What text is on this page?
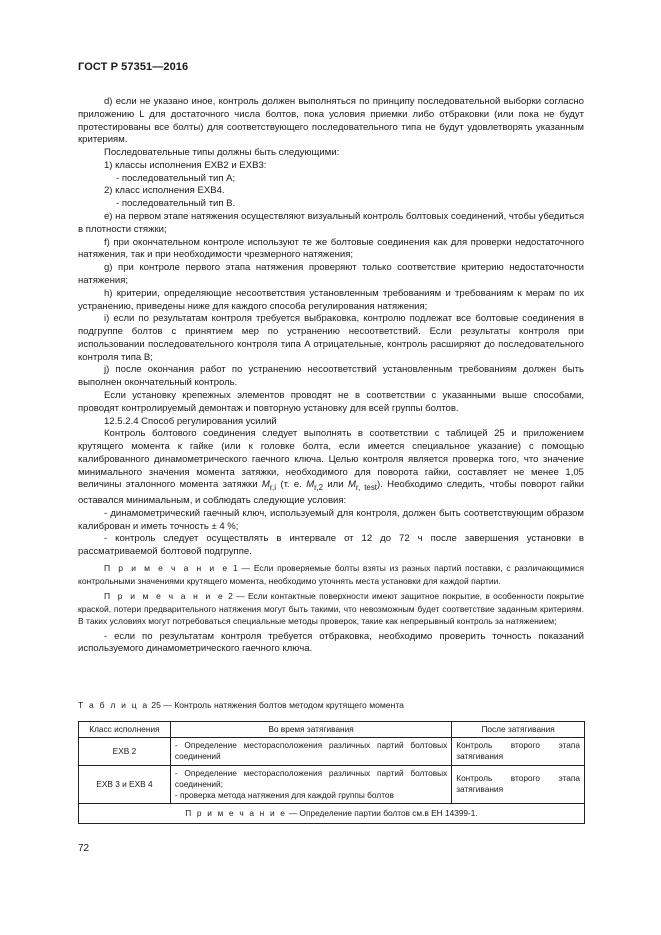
ГОСТ Р 57351—2016

d) если не указано иное, контроль должен выполняться по принципу последовательной выборки согласно приложению L для достаточного числа болтов, пока условия приемки либо отбраковки (или пока не будут протестированы все болты) для соответствующего последовательного типа не будут удовлетворять указанным критериям.

Последовательные типы должны быть следующими:

1) классы исполнения EXB2 и EXB3:

- последовательный тип A;

2) класс исполнения EXB4.

- последовательный тип B.

e) на первом этапе натяжения осуществляют визуальный контроль болтовых соединений, чтобы убедиться в плотности стяжки;

f) при окончательном контроле используют те же болтовые соединения как для проверки недостаточного натяжения, так и при необходимости чрезмерного натяжения;

g) при контроле первого этапа натяжения проверяют только соответствие критерию недостаточности натяжения;

h) критерии, определяющие несоответствия установленным требованиям и требованиям к мерам по их устранению, приведены ниже для каждого способа регулирования натяжения;

i) если по результатам контроля требуется выбраковка, контролю подлежат все болтовые соединения в подгруппе болтов с принятием мер по устранению несоответствий. Если результаты контроля при использовании последовательного контроля типа A отрицательные, контроль расширяют до последовательного контроля типа B;

j) после окончания работ по устранению несоответствий установленным требованиям должен быть выполнен окончательный контроль.

Если установку крепежных элементов проводят не в соответствии с указанными выше способами, проводят контролируемый демонтаж и повторную установку для всей группы болтов.

12.5.2.4 Способ регулирования усилий

Контроль болтового соединения следует выполнять в соответствии с таблицей 25 и приложением крутящего момента к гайке (или к головке болта, если имеется специальное указание) с помощью калиброванного динамометрического гаечного ключа. Целью контроля является проверка того, что значение минимального значения момента затяжки, необходимого для поворота гайки, составляет не менее 1,05 величины эталонного момента затяжки $M_{r,i}$ (т. е. $M_{r,2}$ или $M_{r, test}$). Необходимо следить, чтобы поворот гайки оставался минимальным, и соблюдать следующие условия:

- динамометрический гаечный ключ, используемый для контроля, должен быть соответствующим образом калиброван и иметь точность ± 4 %;

- контроль следует осуществлять в интервале от 12 до 72 ч после завершения установки в рассматриваемой болтовой подгруппе.

П р и м е ч а н и е 1 — Если проверяемые болты взяты из разных партий поставки, с различающимися контрольными значениями крутящего момента, необходимо уточнять места установки для каждой партии.

П р и м е ч а н и е 2 — Если контактные поверхности имеют защитное покрытие, в особенности покрытие краской, потери предварительного натяжения могут быть такими, что невозможным будет соответствие заданным критериям. В таких условиях могут потребоваться специальные методы проверок, такие как непрерывный контроль за натяжением;

- если по результатам контроля требуется отбраковка, необходимо проверить точность показаний используемого динамометрического гаечного ключа.

Т а б л и ц а 25 — Контроль натяжения болтов методом крутящего момента
Класс исполнения	Во время затягивания	После затягивания
EXB 2	- Определение месторасположения различных партий болтовых соединений	Контроль второго этапа затягивания
EXB 3 и EXB 4	- Определение месторасположения различных партий болтовых соединений;
- проверка метода натяжения для каждой группы болтов	Контроль второго этапа затягивания
П р и м е ч а н и е — Определение партии болтов см.в ЕН 14399-1.		
72
